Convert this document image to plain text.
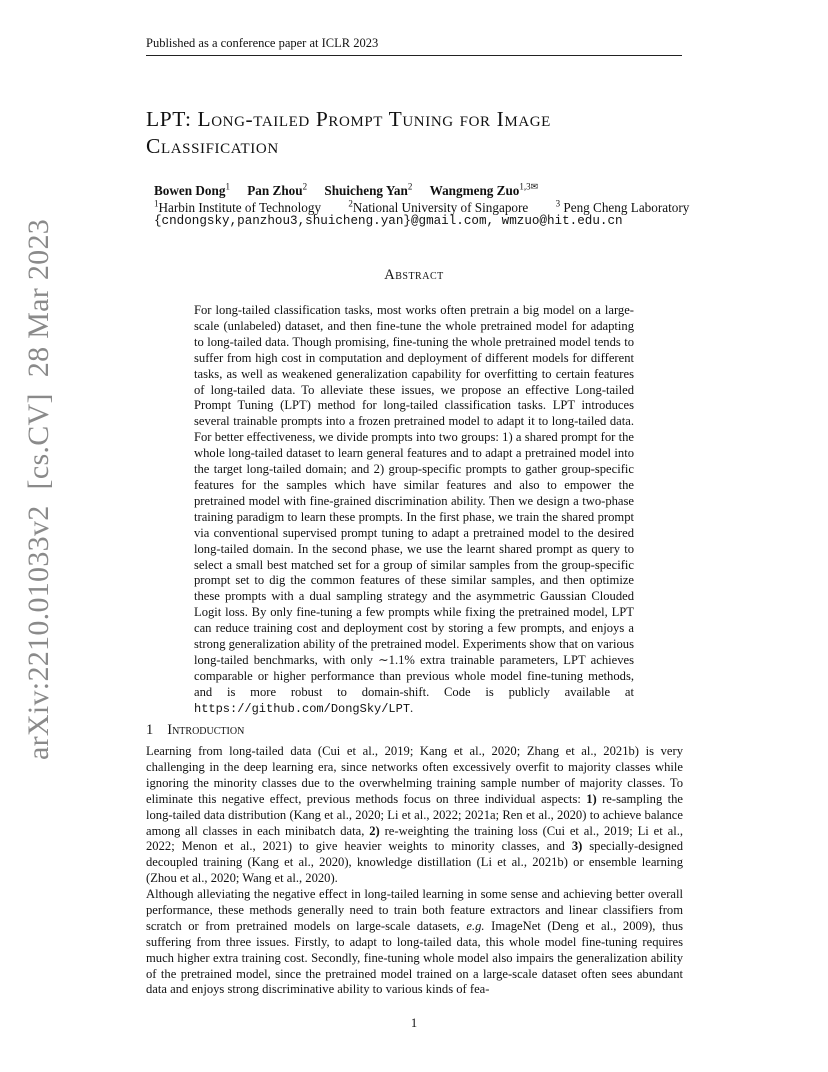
Published as a conference paper at ICLR 2023
arXiv:2210.01033v2[cs.CV]28 Mar 2023
LPT: Long-tailed Prompt Tuning for Image
Classification
Bowen Dong$^1$ Pan Zhou$^2$ Shuicheng Yan$^2$ Wangmeng Zuo$^{1,3✉}$
$^1$Harbin Institute of Technology	$^2$National University of Singapore	$^3$ Peng Cheng Laboratory
{cndongsky,panzhou3,shuicheng.yan}@gmail.com, wmzuo@hit.edu.cn
Abstract
For long-tailed classification tasks, most works often pretrain a big model on a large-scale (unlabeled) dataset, and then fine-tune the whole pretrained model for adapting to long-tailed data. Though promising, fine-tuning the whole pretrained model tends to suffer from high cost in computation and deployment of different models for different tasks, as well as weakened generalization capability for overfitting to certain features of long-tailed data. To alleviate these issues, we propose an effective Long-tailed Prompt Tuning (LPT) method for long-tailed classification tasks. LPT introduces several trainable prompts into a frozen pretrained model to adapt it to long-tailed data. For better effectiveness, we divide prompts into two groups: 1) a shared prompt for the whole long-tailed dataset to learn general features and to adapt a pretrained model into the target long-tailed domain; and 2) group-specific prompts to gather group-specific features for the samples which have similar features and also to empower the pretrained model with fine-grained discrimination ability. Then we design a two-phase training paradigm to learn these prompts. In the first phase, we train the shared prompt via conventional supervised prompt tuning to adapt a pretrained model to the desired long-tailed domain. In the second phase, we use the learnt shared prompt as query to select a small best matched set for a group of similar samples from the group-specific prompt set to dig the common features of these similar samples, and then optimize these prompts with a dual sampling strategy and the asymmetric Gaussian Clouded Logit loss. By only fine-tuning a few prompts while fixing the pretrained model, LPT can reduce training cost and deployment cost by storing a few prompts, and enjoys a strong generalization ability of the pretrained model. Experiments show that on various long-tailed benchmarks, with only ∼1.1% extra trainable parameters, LPT achieves comparable or higher performance than previous whole model fine-tuning methods, and is more robust to domain-shift. Code is publicly available at https://github.com/DongSky/LPT.
1 Introduction
Learning from long-tailed data (Cui et al., 2019; Kang et al., 2020; Zhang et al., 2021b) is very challenging in the deep learning era, since networks often excessively overfit to majority classes while ignoring the minority classes due to the overwhelming training sample number of majority classes. To eliminate this negative effect, previous methods focus on three individual aspects: 1) re-sampling the long-tailed data distribution (Kang et al., 2020; Li et al., 2022; 2021a; Ren et al., 2020) to achieve balance among all classes in each minibatch data, 2) re-weighting the training loss (Cui et al., 2019; Li et al., 2022; Menon et al., 2021) to give heavier weights to minority classes, and 3) specially-designed decoupled training (Kang et al., 2020), knowledge distillation (Li et al., 2021b) or ensemble learning (Zhou et al., 2020; Wang et al., 2020).
Although alleviating the negative effect in long-tailed learning in some sense and achieving better overall performance, these methods generally need to train both feature extractors and linear classifiers from scratch or from pretrained models on large-scale datasets, e.g. ImageNet (Deng et al., 2009), thus suffering from three issues. Firstly, to adapt to long-tailed data, this whole model fine-tuning requires much higher extra training cost. Secondly, fine-tuning whole model also impairs the generalization ability of the pretrained model, since the pretrained model trained on a large-scale dataset often sees abundant data and enjoys strong discriminative ability to various kinds of fea-
1
